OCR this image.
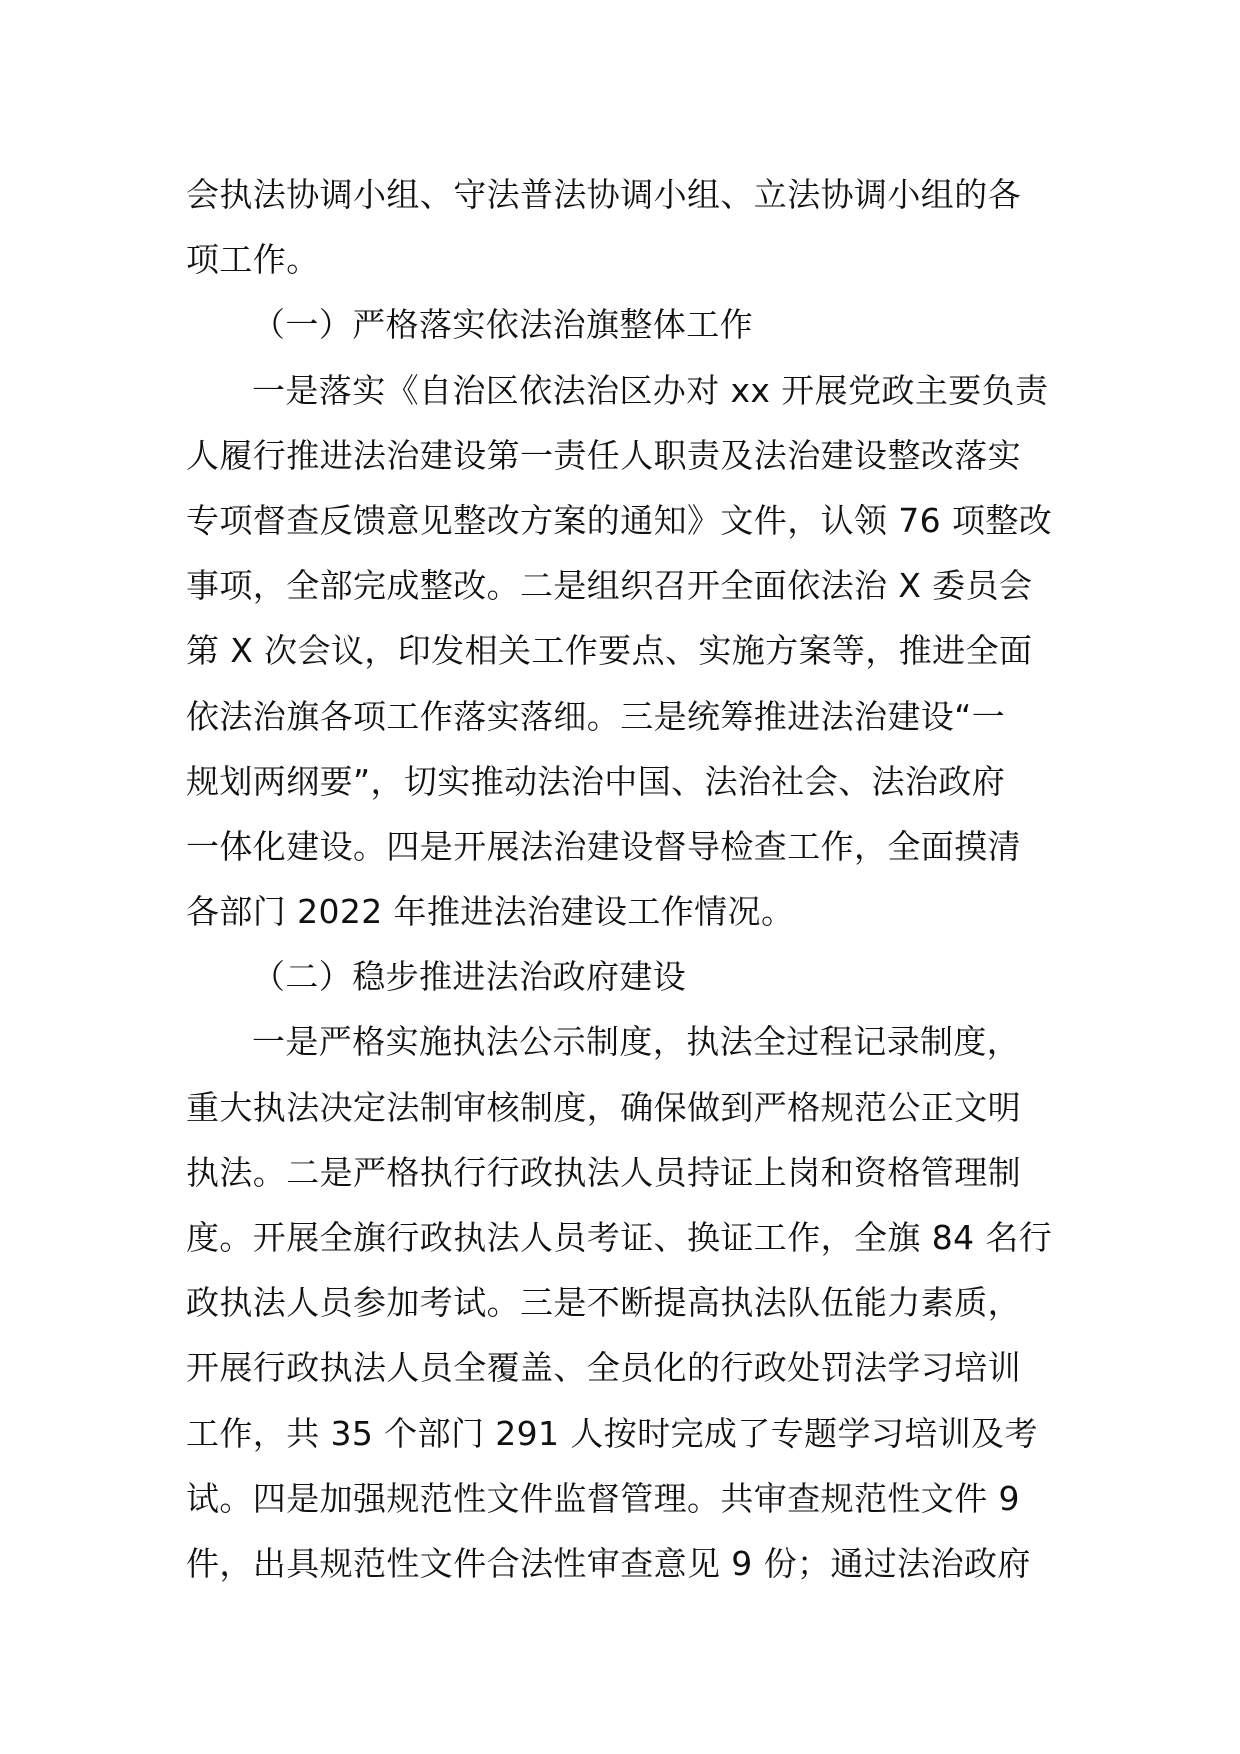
会执法协调小组、守法普法协调小组、立法协调小组的各
项工作。
（一）严格落实依法治旗整体工作
一是落实《自治区依法治区办对 xx 开展党政主要负责
人履行推进法治建设第一责任人职责及法治建设整改落实
专项督查反馈意见整改方案的通知》文件，认领 76 项整改
事项，全部完成整改。二是组织召开全面依法治 X 委员会
第 X 次会议，印发相关工作要点、实施方案等，推进全面
依法治旗各项工作落实落细。三是统筹推进法治建设“一
规划两纲要”，切实推动法治中国、法治社会、法治政府
一体化建设。四是开展法治建设督导检查工作，全面摸清
各部门 2022 年推进法治建设工作情况。
（二）稳步推进法治政府建设
一是严格实施执法公示制度，执法全过程记录制度，
重大执法决定法制审核制度，确保做到严格规范公正文明
执法。二是严格执行行政执法人员持证上岗和资格管理制
度。开展全旗行政执法人员考证、换证工作，全旗 84 名行
政执法人员参加考试。三是不断提高执法队伍能力素质，
开展行政执法人员全覆盖、全员化的行政处罚法学习培训
工作，共 35 个部门 291 人按时完成了专题学习培训及考
试。四是加强规范性文件监督管理。共审查规范性文件 9
件，出具规范性文件合法性审查意见 9 份；通过法治政府
